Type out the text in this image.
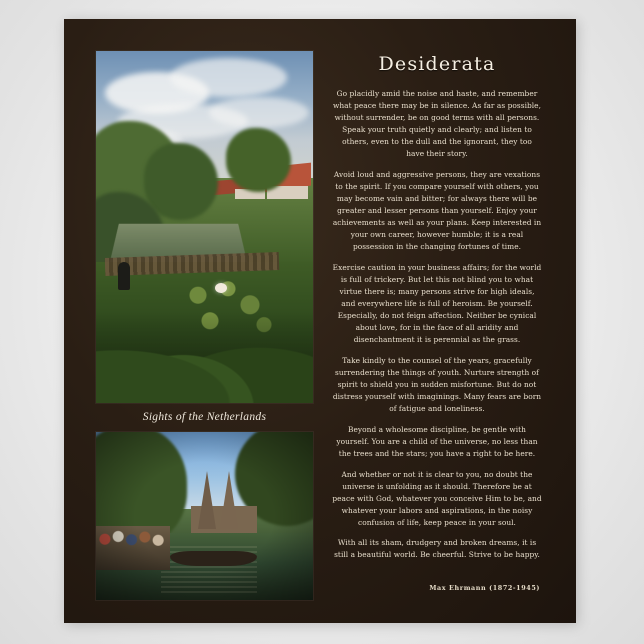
Sights of the Netherlands
Desiderata

Go placidly amid the noise and haste, and remember what peace there may be in silence. As far as possible, without surrender, be on good terms with all persons. Speak your truth quietly and clearly; and listen to others, even to the dull and the ignorant, they too have their story.

Avoid loud and aggressive persons, they are vexations to the spirit. If you compare yourself with others, you may become vain and bitter; for always there will be greater and lesser persons than yourself. Enjoy your achievements as well as your plans. Keep interested in your own career, however humble; it is a real possession in the changing fortunes of time.

Exercise caution in your business affairs; for the world is full of trickery. But let this not blind you to what virtue there is; many persons strive for high ideals, and everywhere life is full of heroism. Be yourself. Especially, do not feign affection. Neither be cynical about love, for in the face of all aridity and disenchantment it is perennial as the grass.

Take kindly to the counsel of the years, gracefully surrendering the things of youth. Nurture strength of spirit to shield you in sudden misfortune. But do not distress yourself with imaginings. Many fears are born of fatigue and loneliness.

Beyond a wholesome discipline, be gentle with yourself. You are a child of the universe, no less than the trees and the stars; you have a right to be here.

And whether or not it is clear to you, no doubt the universe is unfolding as it should. Therefore be at peace with God, whatever you conceive Him to be, and whatever your labors and aspirations, in the noisy confusion of life, keep peace in your soul.

With all its sham, drudgery and broken dreams, it is still a beautiful world. Be cheerful. Strive to be happy.

Max Ehrmann (1872-1945)
